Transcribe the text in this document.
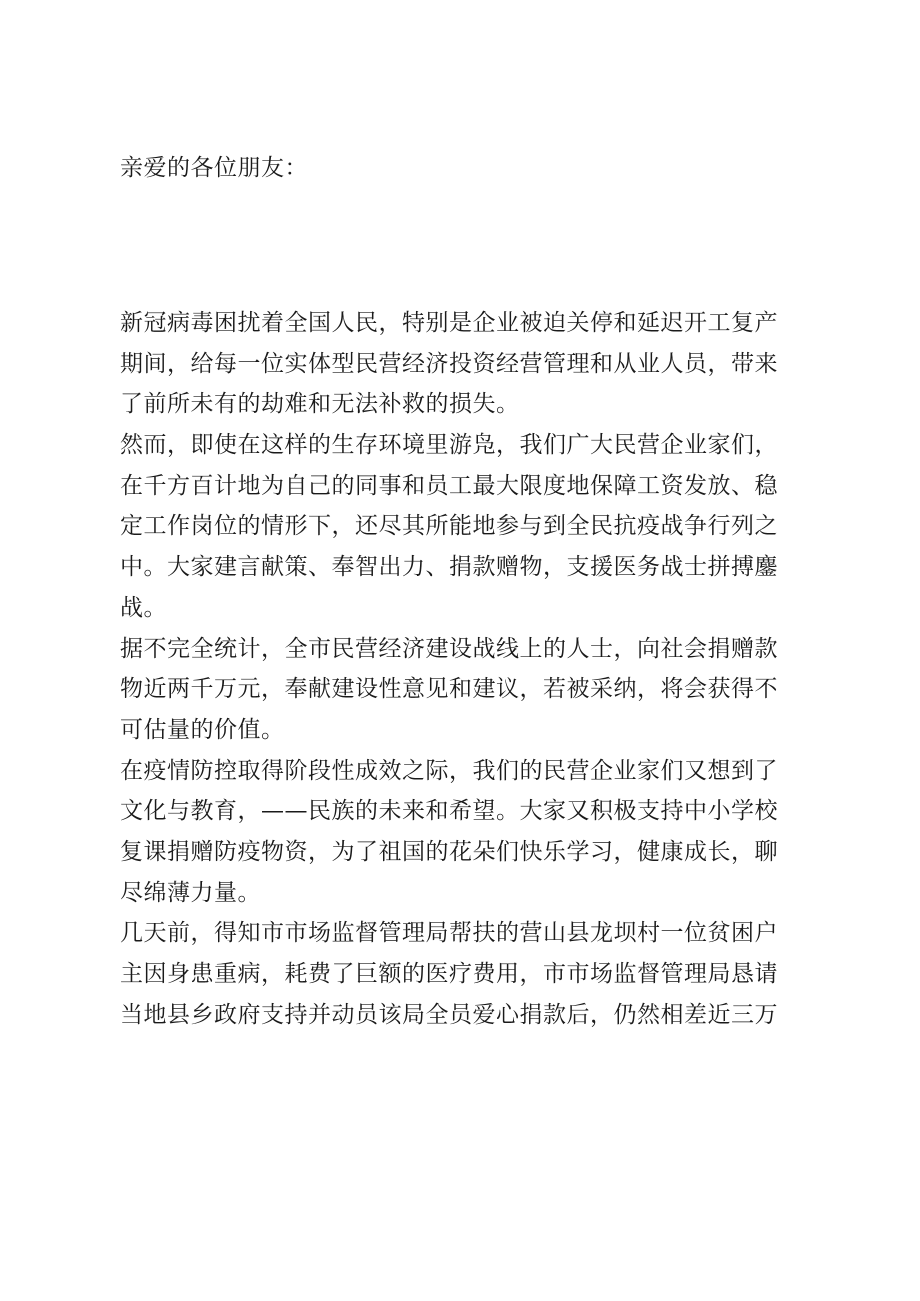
亲爱的各位朋友：

新冠病毒困扰着全国人民，特别是企业被迫关停和延迟开工复产
期间，给每一位实体型民营经济投资经营管理和从业人员，带来
了前所未有的劫难和无法补救的损失。
然而，即使在这样的生存环境里游凫，我们广大民营企业家们，
在千方百计地为自己的同事和员工最大限度地保障工资发放、稳
定工作岗位的情形下，还尽其所能地参与到全民抗疫战争行列之
中。大家建言献策、奉智出力、捐款赠物，支援医务战士拼搏鏖
战。
据不完全统计，全市民营经济建设战线上的人士，向社会捐赠款
物近两千万元，奉献建设性意见和建议，若被采纳，将会获得不
可估量的价值。
在疫情防控取得阶段性成效之际，我们的民营企业家们又想到了
文化与教育，——民族的未来和希望。大家又积极支持中小学校
复课捐赠防疫物资，为了祖国的花朵们快乐学习，健康成长，聊
尽绵薄力量。
几天前，得知市市场监督管理局帮扶的营山县龙坝村一位贫困户
主因身患重病，耗费了巨额的医疗费用，市市场监督管理局恳请
当地县乡政府支持并动员该局全员爱心捐款后，仍然相差近三万
